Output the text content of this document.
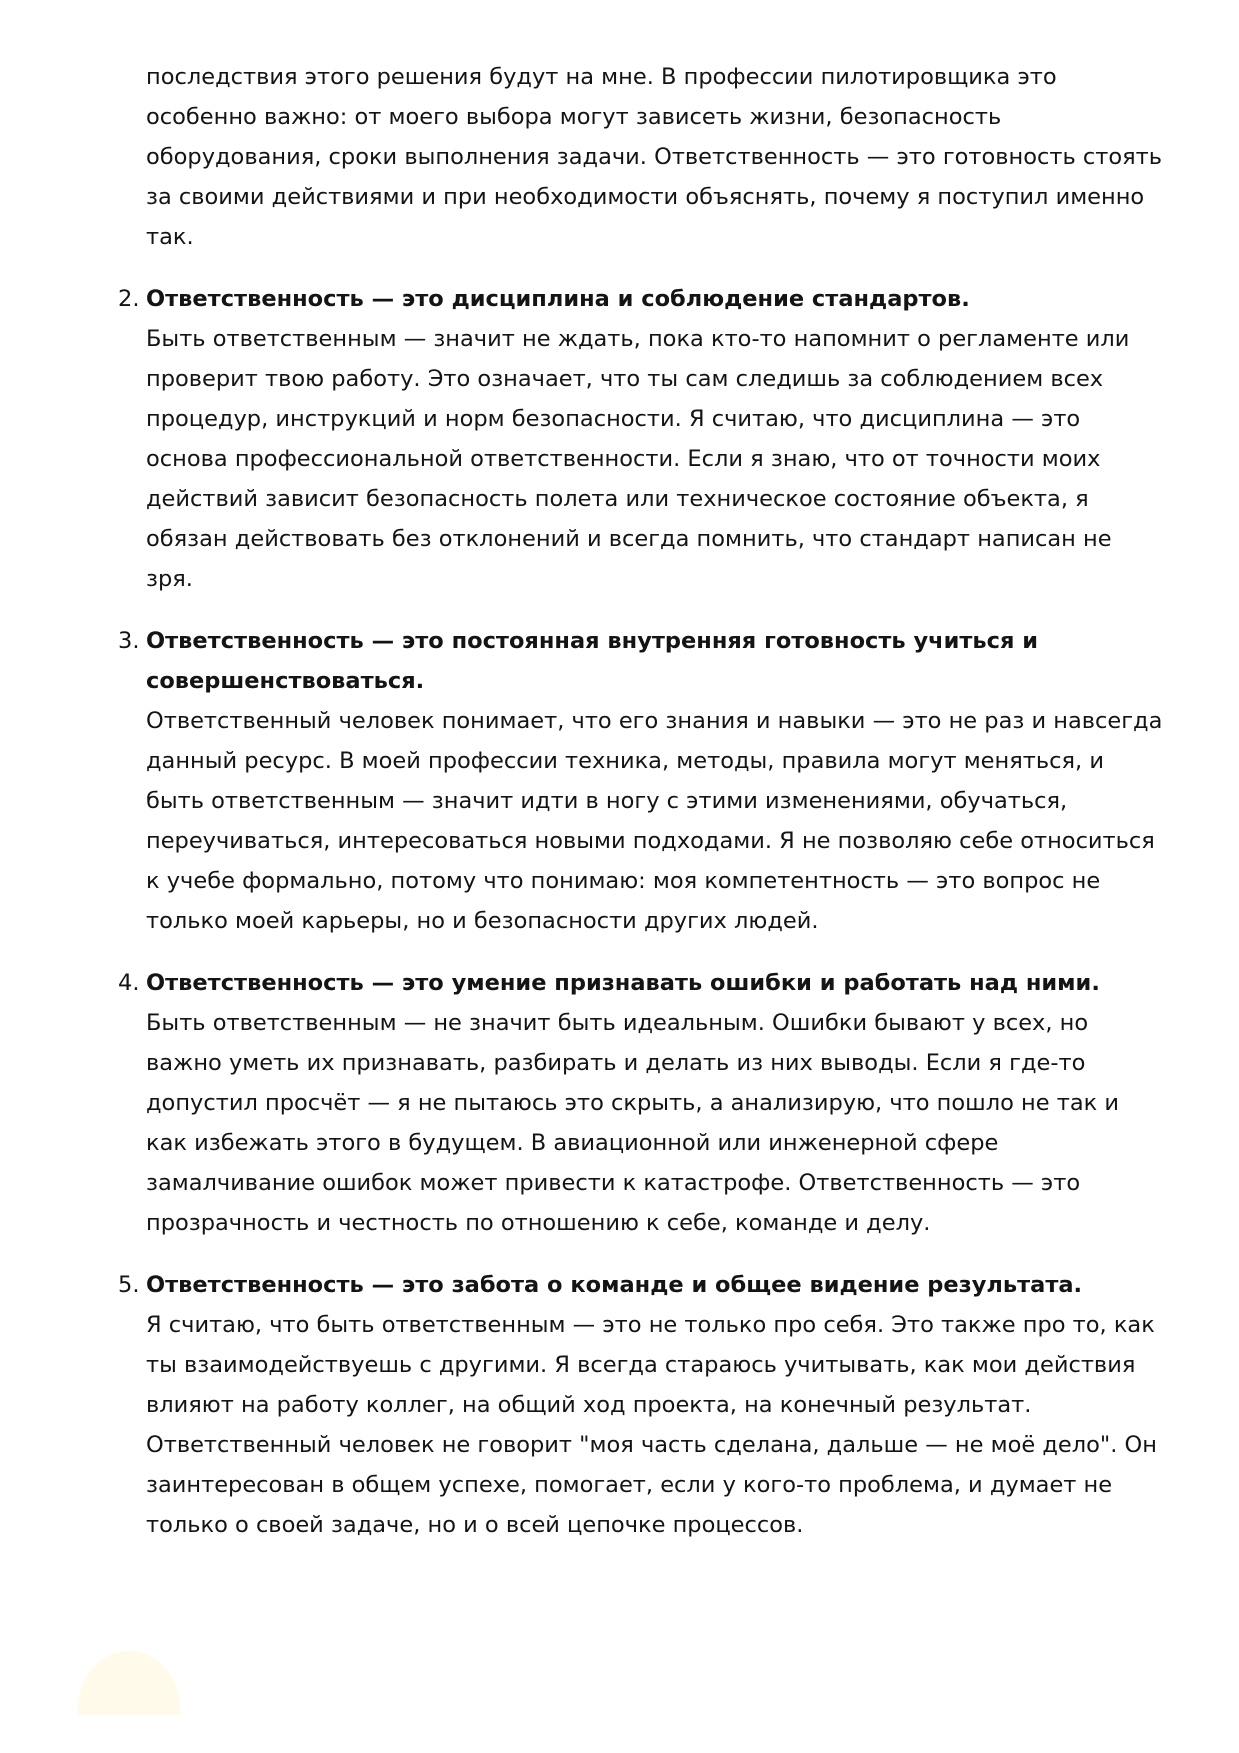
последствия этого решения будут на мне. В профессии пилотировщика это особенно важно: от моего выбора могут зависеть жизни, безопасность оборудования, сроки выполнения задачи. Ответственность — это готовность стоять за своими действиями и при необходимости объяснять, почему я поступил именно так.

2. Ответственность — это дисциплина и соблюдение стандартов.
Быть ответственным — значит не ждать, пока кто-то напомнит о регламенте или проверит твою работу. Это означает, что ты сам следишь за соблюдением всех процедур, инструкций и норм безопасности. Я считаю, что дисциплина — это основа профессиональной ответственности. Если я знаю, что от точности моих действий зависит безопасность полета или техническое состояние объекта, я обязан действовать без отклонений и всегда помнить, что стандарт написан не зря.
3. Ответственность — это постоянная внутренняя готовность учиться и совершенствоваться.
Ответственный человек понимает, что его знания и навыки — это не раз и навсегда данный ресурс. В моей профессии техника, методы, правила могут меняться, и быть ответственным — значит идти в ногу с этими изменениями, обучаться, переучиваться, интересоваться новыми подходами. Я не позволяю себе относиться к учебе формально, потому что понимаю: моя компетентность — это вопрос не только моей карьеры, но и безопасности других людей.
4. Ответственность — это умение признавать ошибки и работать над ними.
Быть ответственным — не значит быть идеальным. Ошибки бывают у всех, но важно уметь их признавать, разбирать и делать из них выводы. Если я где-то допустил просчёт — я не пытаюсь это скрыть, а анализирую, что пошло не так и как избежать этого в будущем. В авиационной или инженерной сфере замалчивание ошибок может привести к катастрофе. Ответственность — это прозрачность и честность по отношению к себе, команде и делу.
5. Ответственность — это забота о команде и общее видение результата.
Я считаю, что быть ответственным — это не только про себя. Это также про то, как ты взаимодействуешь с другими. Я всегда стараюсь учитывать, как мои действия влияют на работу коллег, на общий ход проекта, на конечный результат. Ответственный человек не говорит "моя часть сделана, дальше — не моё дело". Он заинтересован в общем успехе, помогает, если у кого-то проблема, и думает не только о своей задаче, но и о всей цепочке процессов.
